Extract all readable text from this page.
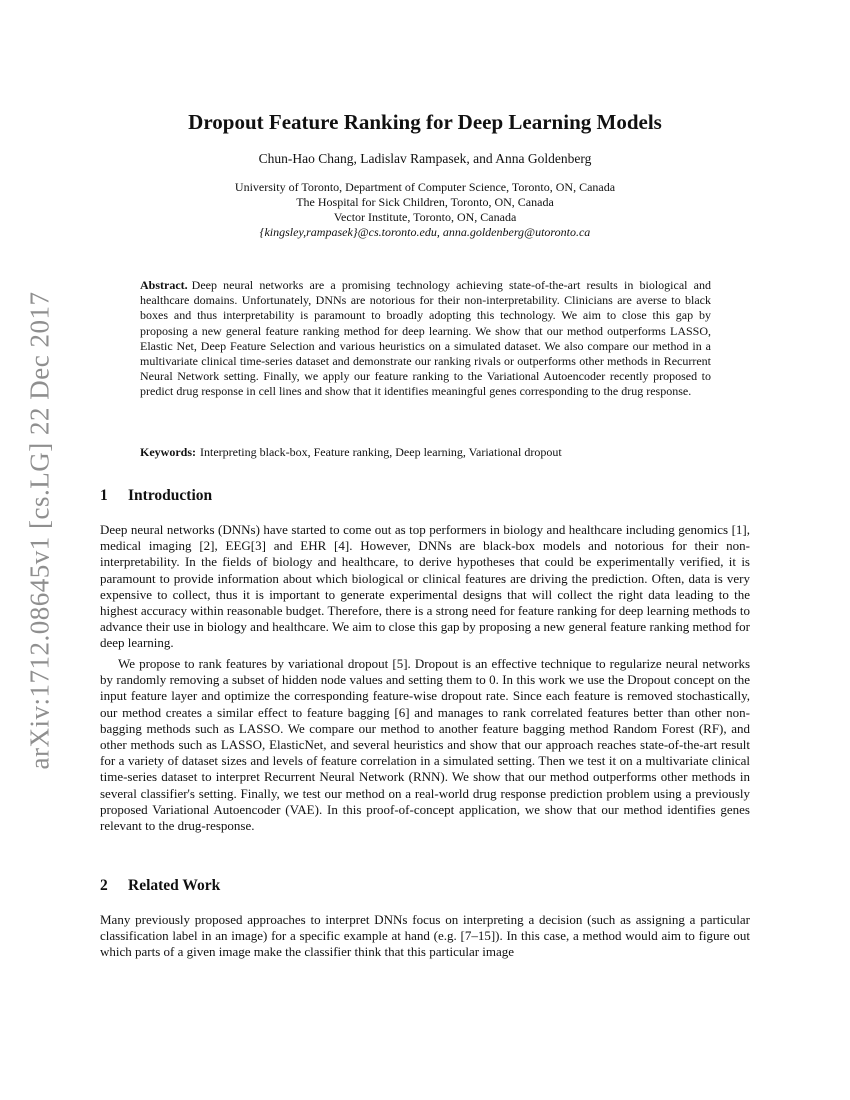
arXiv:1712.08645v1 [cs.LG] 22 Dec 2017
Dropout Feature Ranking for Deep Learning Models
Chun-Hao Chang, Ladislav Rampasek, and Anna Goldenberg
University of Toronto, Department of Computer Science, Toronto, ON, Canada
The Hospital for Sick Children, Toronto, ON, Canada
Vector Institute, Toronto, ON, Canada
{kingsley,rampasek}@cs.toronto.edu, anna.goldenberg@utoronto.ca

Abstract. Deep neural networks are a promising technology achieving state-of-the-art results in biological and healthcare domains. Unfortunately, DNNs are notorious for their non-interpretability. Clinicians are averse to black boxes and thus interpretability is paramount to broadly adopting this technology. We aim to close this gap by proposing a new general feature ranking method for deep learning. We show that our method outperforms LASSO, Elastic Net, Deep Feature Selection and various heuristics on a simulated dataset. We also compare our method in a multivariate clinical time-series dataset and demonstrate our ranking rivals or outperforms other methods in Recurrent Neural Network setting. Finally, we apply our feature ranking to the Variational Autoencoder recently proposed to predict drug response in cell lines and show that it identifies meaningful genes corresponding to the drug response.

Keywords: Interpreting black-box, Feature ranking, Deep learning, Variational dropout

1 Introduction

Deep neural networks (DNNs) have started to come out as top performers in biology and healthcare including genomics [1], medical imaging [2], EEG[3] and EHR [4]. However, DNNs are black-box models and notorious for their non-interpretability. In the fields of biology and healthcare, to derive hypotheses that could be experimentally verified, it is paramount to provide information about which biological or clinical features are driving the prediction. Often, data is very expensive to collect, thus it is important to generate experimental designs that will collect the right data leading to the highest accuracy within reasonable budget. Therefore, there is a strong need for feature ranking for deep learning methods to advance their use in biology and healthcare. We aim to close this gap by proposing a new general feature ranking method for deep learning.

We propose to rank features by variational dropout [5]. Dropout is an effective technique to regularize neural networks by randomly removing a subset of hidden node values and setting them to 0. In this work we use the Dropout concept on the input feature layer and optimize the corresponding feature-wise dropout rate. Since each feature is removed stochastically, our method creates a similar effect to feature bagging [6] and manages to rank correlated features better than other non-bagging methods such as LASSO. We compare our method to another feature bagging method Random Forest (RF), and other methods such as LASSO, ElasticNet, and several heuristics and show that our approach reaches state-of-the-art result for a variety of dataset sizes and levels of feature correlation in a simulated setting. Then we test it on a multivariate clinical time-series dataset to interpret Recurrent Neural Network (RNN). We show that our method outperforms other methods in several classifier's setting. Finally, we test our method on a real-world drug response prediction problem using a previously proposed Variational Autoencoder (VAE). In this proof-of-concept application, we show that our method identifies genes relevant to the drug-response.

2 Related Work

Many previously proposed approaches to interpret DNNs focus on interpreting a decision (such as assigning a particular classification label in an image) for a specific example at hand (e.g. [7–15]). In this case, a method would aim to figure out which parts of a given image make the classifier think that this particular image
